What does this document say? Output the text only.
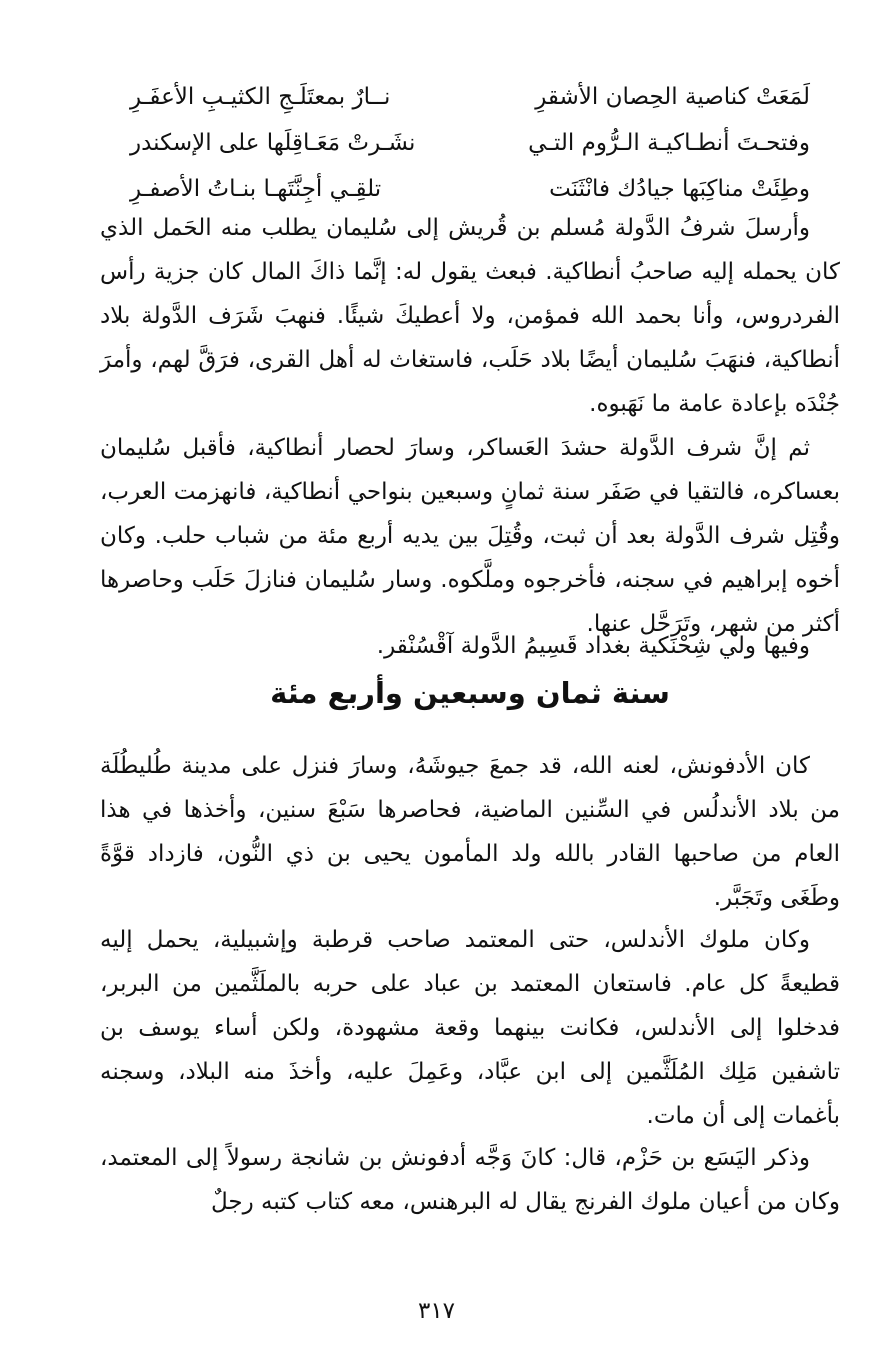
لَمَعَتْ كناصية الحِصان الأشقرِ
نــارٌ بمعتَلَـجِ الكثيـبِ الأعفَـرِ
وفتحـتَ أنطـاكيـة الـرُّوم التـي
نشَـرتْ مَعَـاقِلَها على الإسكندر
وطِئَتْ مناكِبَها جيادُك فانْثَنَت
تلقِـي أجِنَّتَهـا بنـاتُ الأصفـرِ

وأرسلَ شرفُ الدَّولة مُسلم بن قُريش إلى سُليمان يطلب منه الحَمل الذي كان يحمله إليه صاحبُ أنطاكية. فبعث يقول له: إنَّما ذاكَ المال كان جزية رأس الفردروس، وأنا بحمد الله فمؤمن، ولا أعطيكَ شيئًا. فنهبَ شَرَف الدَّولة بلاد أنطاكية، فنهَبَ سُليمان أيضًا بلاد حَلَب، فاستغاث له أهل القرى، فرَقَّ لهم، وأمرَ جُنْدَه بإعادة عامة ما نَهَبوه.

ثم إنَّ شرف الدَّولة حشدَ العَساكر، وسارَ لحصار أنطاكية، فأقبل سُليمان بعساكره، فالتقيا في صَفَر سنة ثمانٍ وسبعين بنواحي أنطاكية، فانهزمت العرب، وقُتِل شرف الدَّولة بعد أن ثبت، وقُتِلَ بين يديه أربع مئة من شباب حلب. وكان أخوه إبراهيم في سجنه، فأخرجوه وملَّكوه. وسار سُليمان فنازلَ حَلَب وحاصرها أكثر من شهر، وتَرَحَّل عنها.

وفيها ولي شِحْنَكية بغداد قَسِيمُ الدَّولة آقْسُنْقر.

سنة ثمان وسبعين وأربع مئة

كان الأدفونش، لعنه الله، قد جمعَ جيوشَهُ، وسارَ فنزل على مدينة طُليطُلَة من بلاد الأندلُس في السِّنين الماضية، فحاصرها سَبْعَ سنين، وأخذها في هذا العام من صاحبها القادر بالله ولد المأمون يحيى بن ذي النُّون، فازداد قوَّةً وطَغَى وتَجَبَّر.

وكان ملوك الأندلس، حتى المعتمد صاحب قرطبة وإشبيلية، يحمل إليه قطيعةً كل عام. فاستعان المعتمد بن عباد على حربه بالملَثَّمين من البربر، فدخلوا إلى الأندلس، فكانت بينهما وقعة مشهودة، ولكن أساء يوسف بن تاشفين مَلِك المُلَثَّمين إلى ابن عبَّاد، وعَمِلَ عليه، وأخذَ منه البلاد، وسجنه بأغمات إلى أن مات.

وذكر اليَسَع بن حَزْم، قال: كانَ وَجَّه أدفونش بن شانجة رسولاً إلى المعتمد، وكان من أعيان ملوك الفرنج يقال له البرهنس، معه كتاب كتبه رجلٌ

٣١٧
